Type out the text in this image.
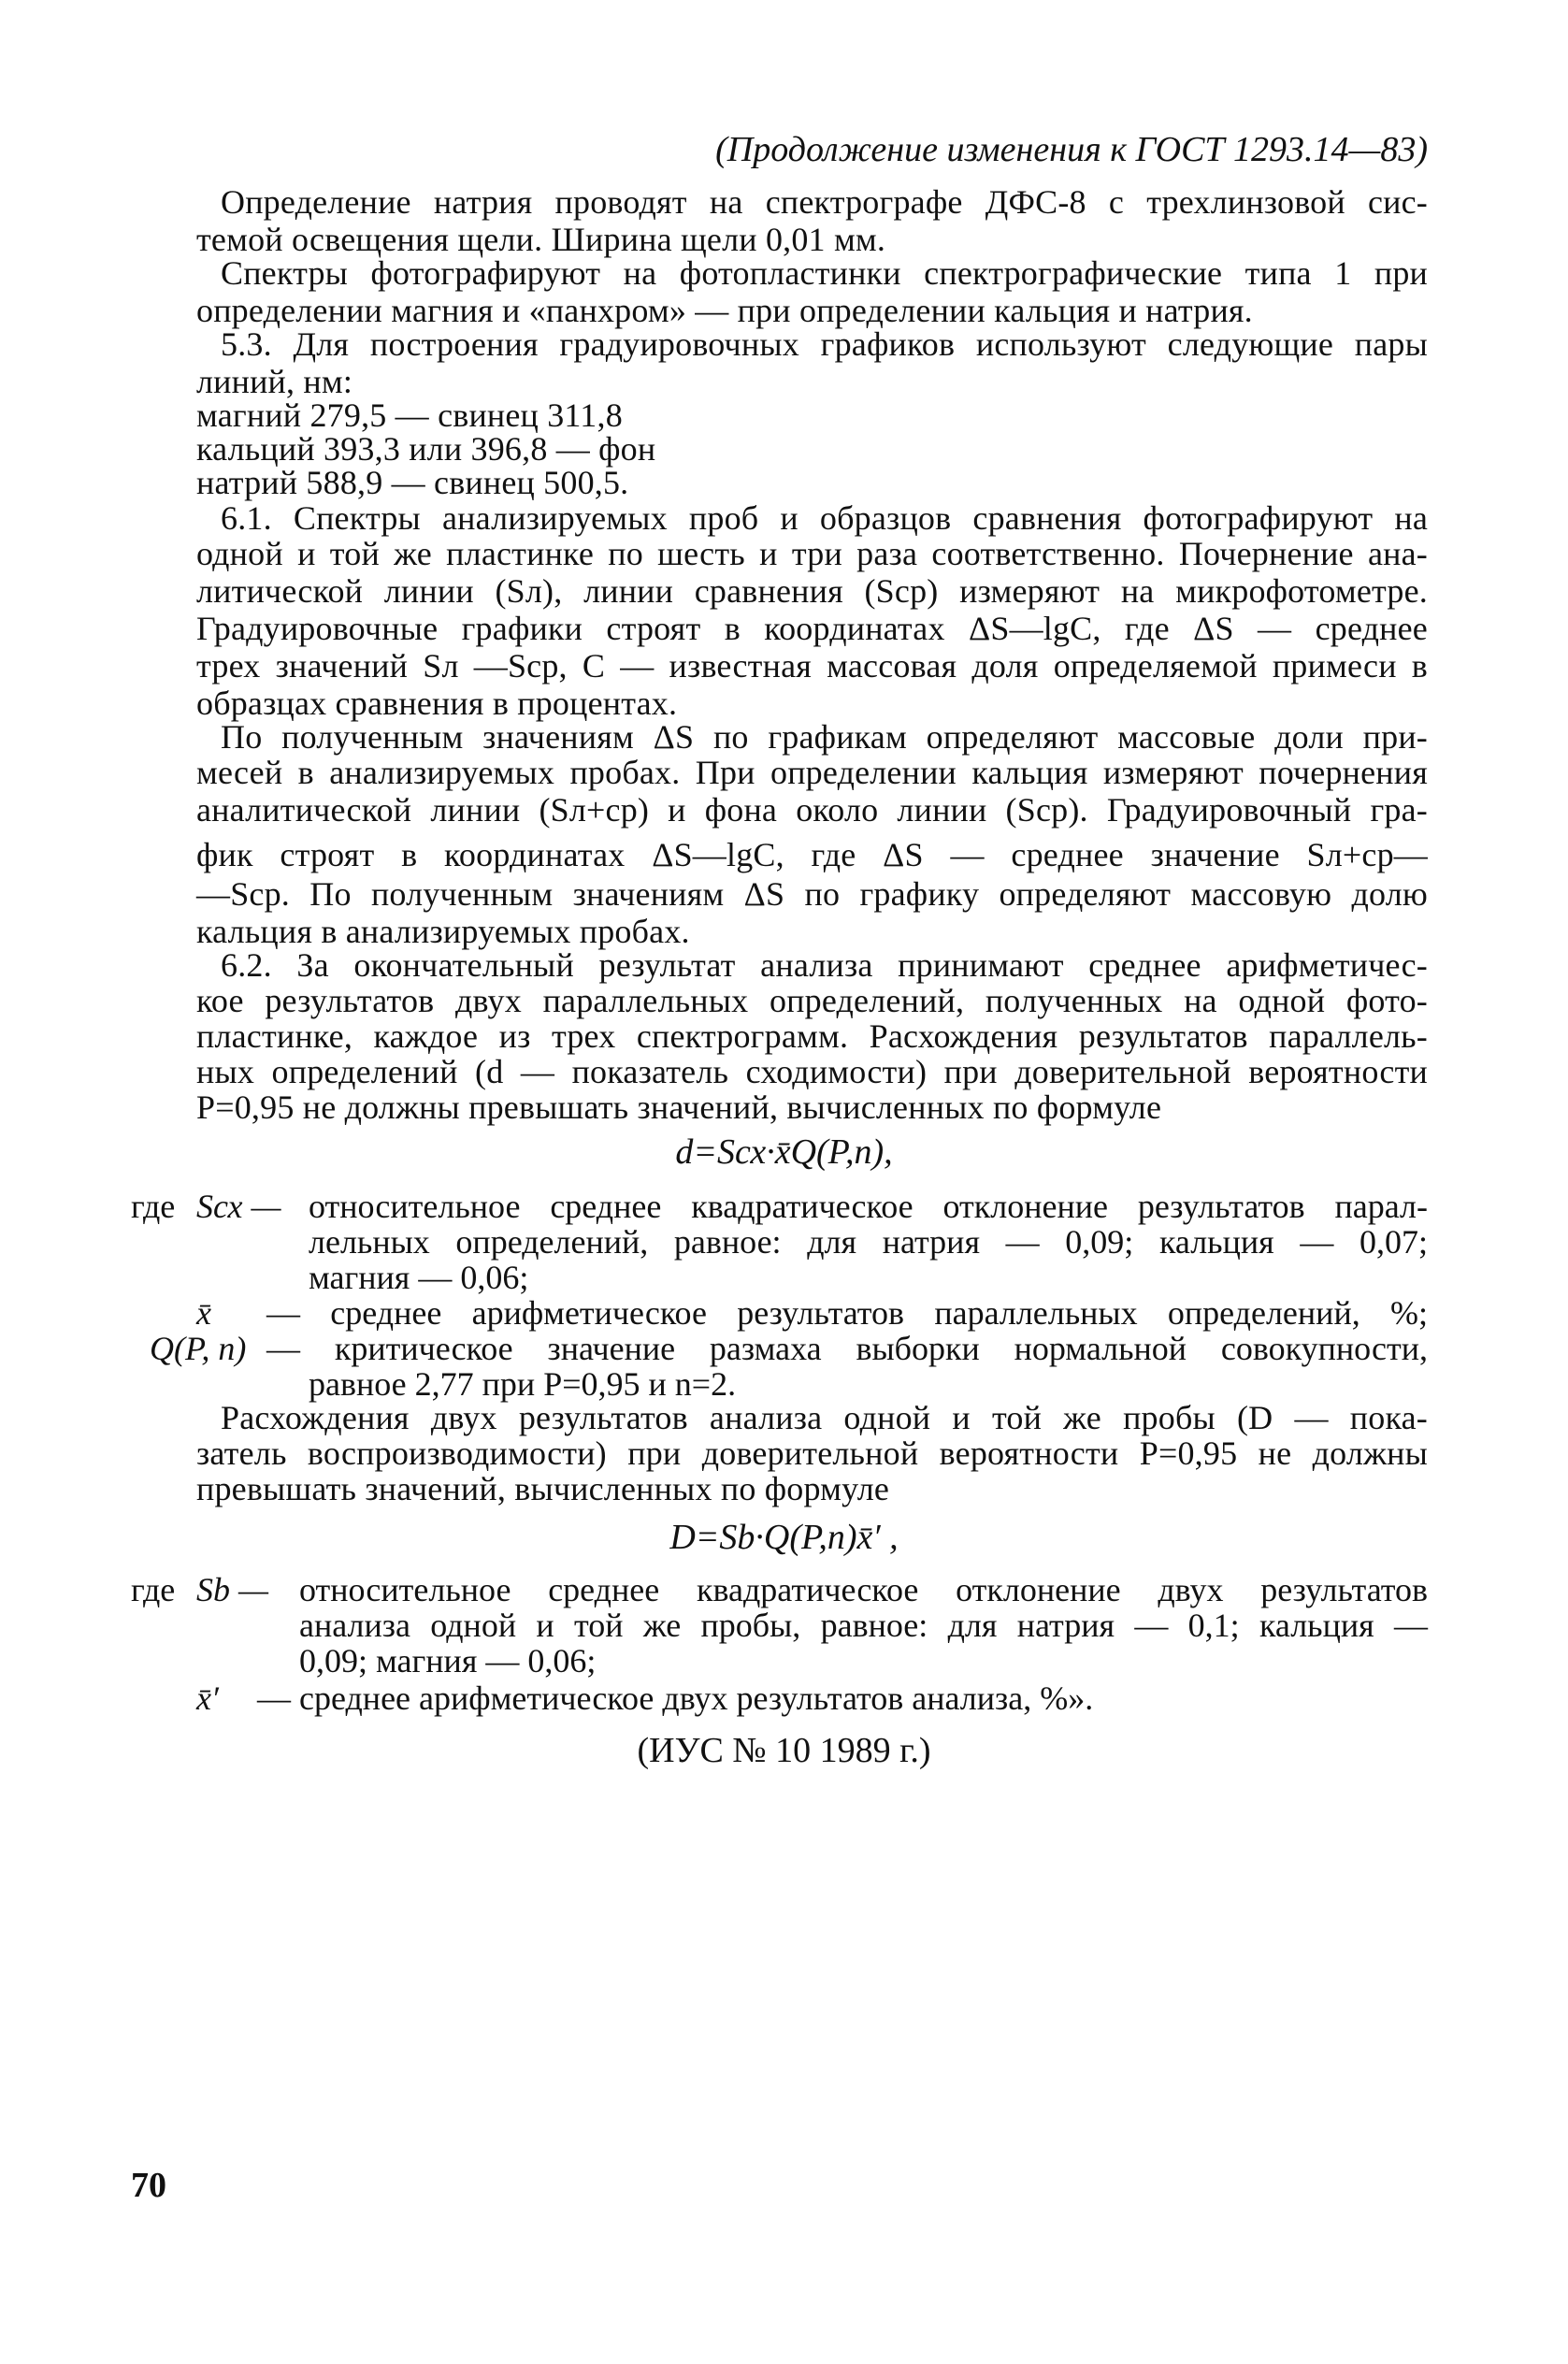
(Продолжение изменения к ГОСТ 1293.14—83)
Определение натрия проводят на спектрографе ДФС-8 с трехлинзовой сис-
темой освещения щели. Ширина щели 0,01 мм.
Спектры фотографируют на фотопластинки спектрографические типа 1 при
определении магния и «панхром» — при определении кальция и натрия.
5.3. Для построения градуировочных графиков используют следующие пары
линий, нм:
магний 279,5 — свинец 311,8
кальций 393,3 или 396,8 — фон
натрий 588,9 — свинец 500,5.
6.1. Спектры анализируемых проб и образцов сравнения фотографируют на
одной и той же пластинке по шесть и три раза соответственно. Почернение ана-
литической линии (Sл), линии сравнения (Sср) измеряют на микрофотометре.
Градуировочные графики строят в координатах ΔS—lgC, где ΔS — среднее
трех значений Sл —Sср, C — известная массовая доля определяемой примеси в
образцах сравнения в процентах.
По полученным значениям ΔS по графикам определяют массовые доли при-
месей в анализируемых пробах. При определении кальция измеряют почернения
аналитической линии (Sл+ср) и фона около линии (Sср). Градуировочный гра-
фик строят в координатах ΔS—lgC, где ΔS — среднее значение Sл+ср—
—Sср. По полученным значениям ΔS по графику определяют массовую долю
кальция в анализируемых пробах.
6.2. За окончательный результат анализа принимают среднее арифметичес-
кое результатов двух параллельных определений, полученных на одной фото-
пластинке, каждое из трех спектрограмм. Расхождения результатов параллель-
ных определений (d — показатель сходимости) при доверительной вероятности
P=0,95 не должны превышать значений, вычисленных по формуле
d=Sсх·x̄Q(P,n),
где Sсх — относительное среднее квадратическое отклонение результатов парал-
лельных определений, равное: для натрия — 0,09; кальция — 0,07;
магния — 0,06;
x̄ — среднее арифметическое результатов параллельных определений, %;
Q(P, n) — критическое значение размаха выборки нормальной совокупности,
равное 2,77 при P=0,95 и n=2.
Расхождения двух результатов анализа одной и той же пробы (D — пока-
затель воспроизводимости) при доверительной вероятности P=0,95 не должны
превышать значений, вычисленных по формуле
D=Sb·Q(P,n)x̄′ ,
где Sb — относительное среднее квадратическое отклонение двух результатов
анализа одной и той же пробы, равное: для натрия — 0,1; кальция —
0,09; магния — 0,06;
x̄′ — среднее арифметическое двух результатов анализа, %».
(ИУС № 10 1989 г.)
70
